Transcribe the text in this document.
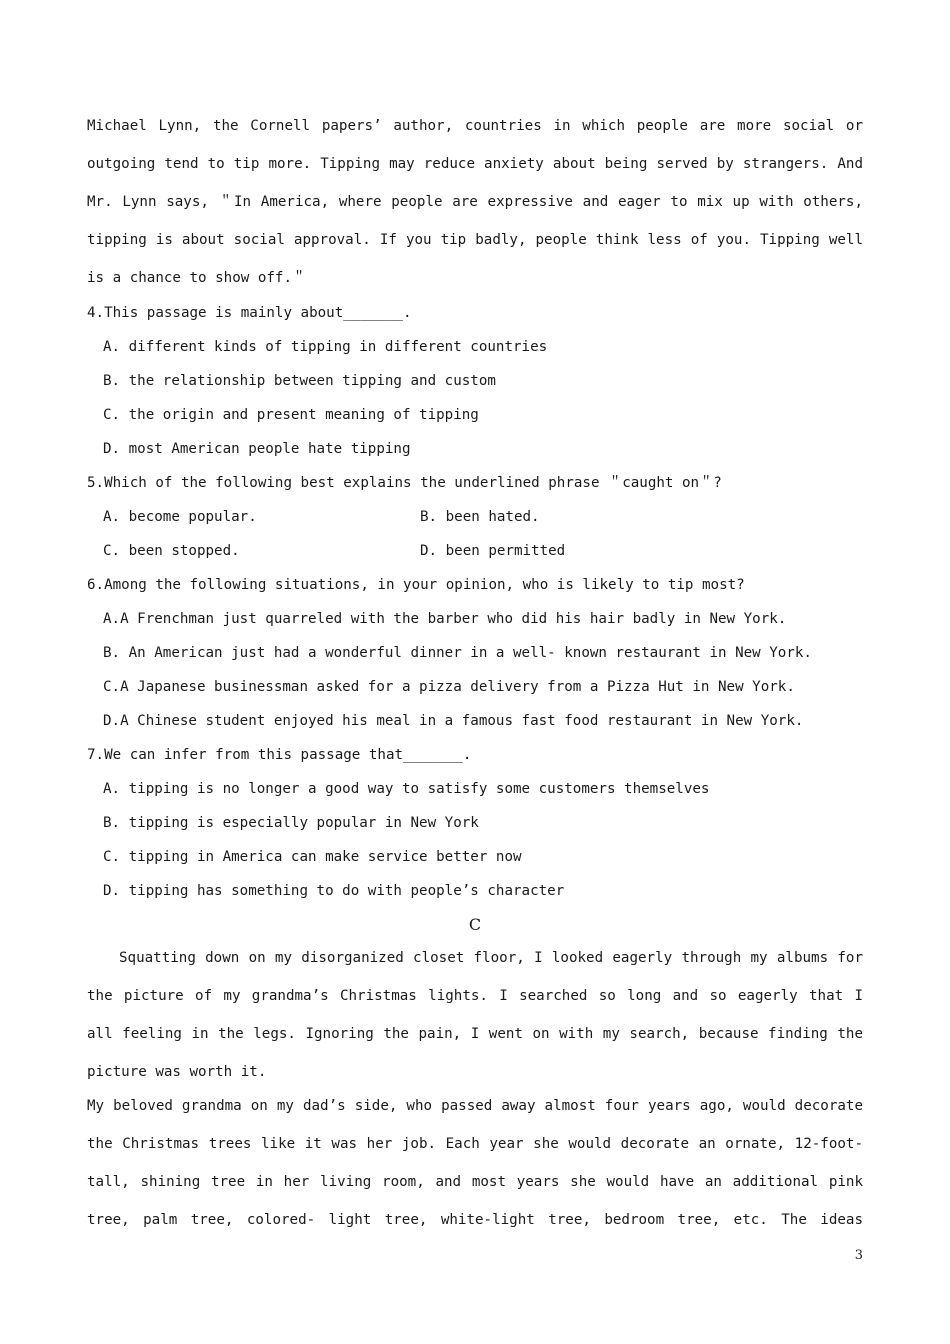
Michael Lynn, the Cornell papers’ author, countries in which people are more social or
outgoing tend to tip more. Tipping may reduce anxiety about being served by strangers. And
Mr. Lynn says, ＂In America, where people are expressive and eager to mix up with others,
tipping is about social approval. If you tip badly, people think less of you. Tipping well
is a chance to show off.＂
4.This passage is mainly about_______.
A. different kinds of tipping in different countries
B. the relationship between tipping and custom
C. the origin and present meaning of tipping
D. most American people hate tipping
5.Which of the following best explains the underlined phrase ＂caught on＂?
A. become popular.	B. been hated.
C. been stopped.	D. been permitted
6.Among the following situations, in your opinion, who is likely to tip most?
A.A Frenchman just quarreled with the barber who did his hair badly in New York.
B. An American just had a wonderful dinner in a well- known restaurant in New York.
C.A Japanese businessman asked for a pizza delivery from a Pizza Hut in New York.
D.A Chinese student enjoyed his meal in a famous fast food restaurant in New York.
7.We can infer from this passage that_______.
A. tipping is no longer a good way to satisfy some customers themselves
B. tipping is especially popular in New York
C. tipping in America can make service better now
D. tipping has something to do with people’s character
C
Squatting down on my disorganized closet floor, I looked eagerly through my albums for
the picture of my grandma’s Christmas lights. I searched so long and so eagerly that I
all feeling in the legs. Ignoring the pain, I went on with my search, because finding the
picture was worth it.
My beloved grandma on my dad’s side, who passed away almost four years ago, would decorate
the Christmas trees like it was her job. Each year she would decorate an ornate, 12-foot-
tall, shining tree in her living room, and most years she would have an additional pink
tree, palm tree, colored- light tree, white-light tree, bedroom tree, etc. The ideas
3
